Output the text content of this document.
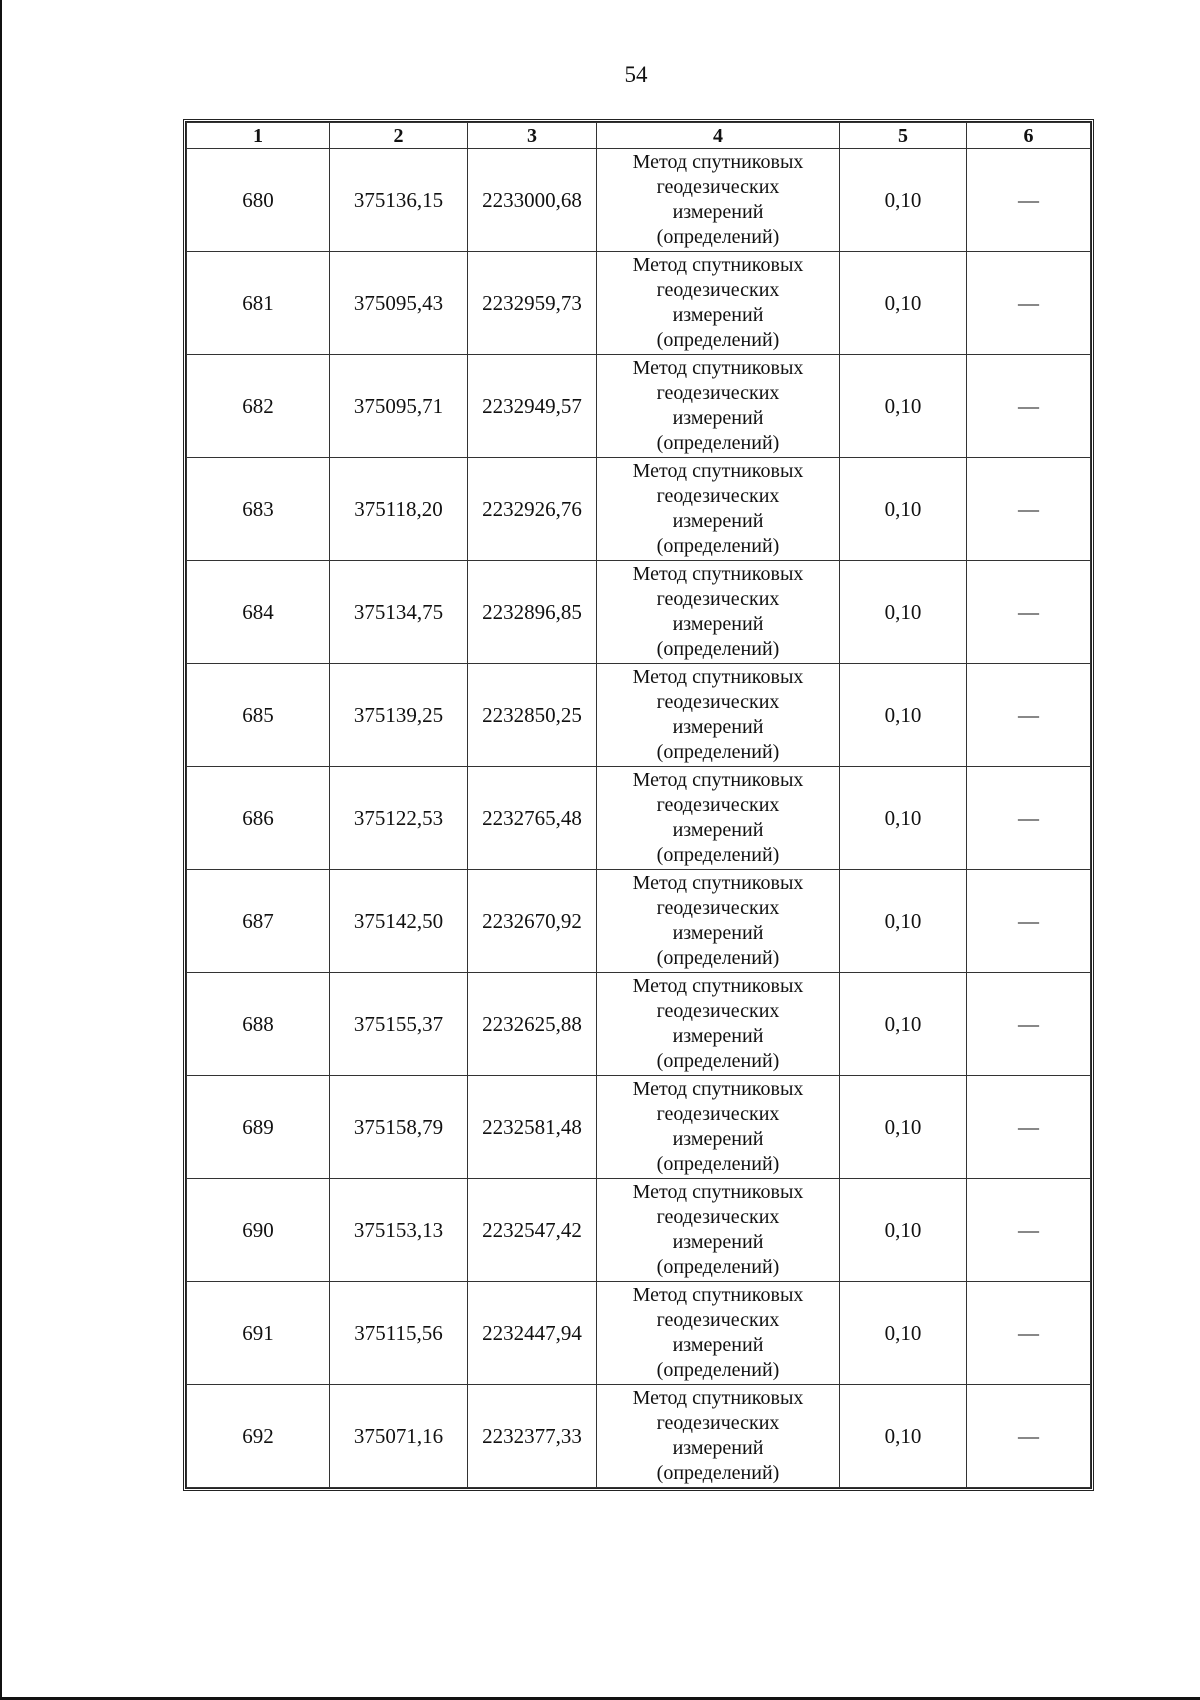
54
1	2	3	4	5	6
680	375136,15	2233000,68	Метод спутниковых
геодезических
измерений
(определений)	0,10	—
681	375095,43	2232959,73	Метод спутниковых
геодезических
измерений
(определений)	0,10	—
682	375095,71	2232949,57	Метод спутниковых
геодезических
измерений
(определений)	0,10	—
683	375118,20	2232926,76	Метод спутниковых
геодезических
измерений
(определений)	0,10	—
684	375134,75	2232896,85	Метод спутниковых
геодезических
измерений
(определений)	0,10	—
685	375139,25	2232850,25	Метод спутниковых
геодезических
измерений
(определений)	0,10	—
686	375122,53	2232765,48	Метод спутниковых
геодезических
измерений
(определений)	0,10	—
687	375142,50	2232670,92	Метод спутниковых
геодезических
измерений
(определений)	0,10	—
688	375155,37	2232625,88	Метод спутниковых
геодезических
измерений
(определений)	0,10	—
689	375158,79	2232581,48	Метод спутниковых
геодезических
измерений
(определений)	0,10	—
690	375153,13	2232547,42	Метод спутниковых
геодезических
измерений
(определений)	0,10	—
691	375115,56	2232447,94	Метод спутниковых
геодезических
измерений
(определений)	0,10	—
692	375071,16	2232377,33	Метод спутниковых
геодезических
измерений
(определений)	0,10	—
